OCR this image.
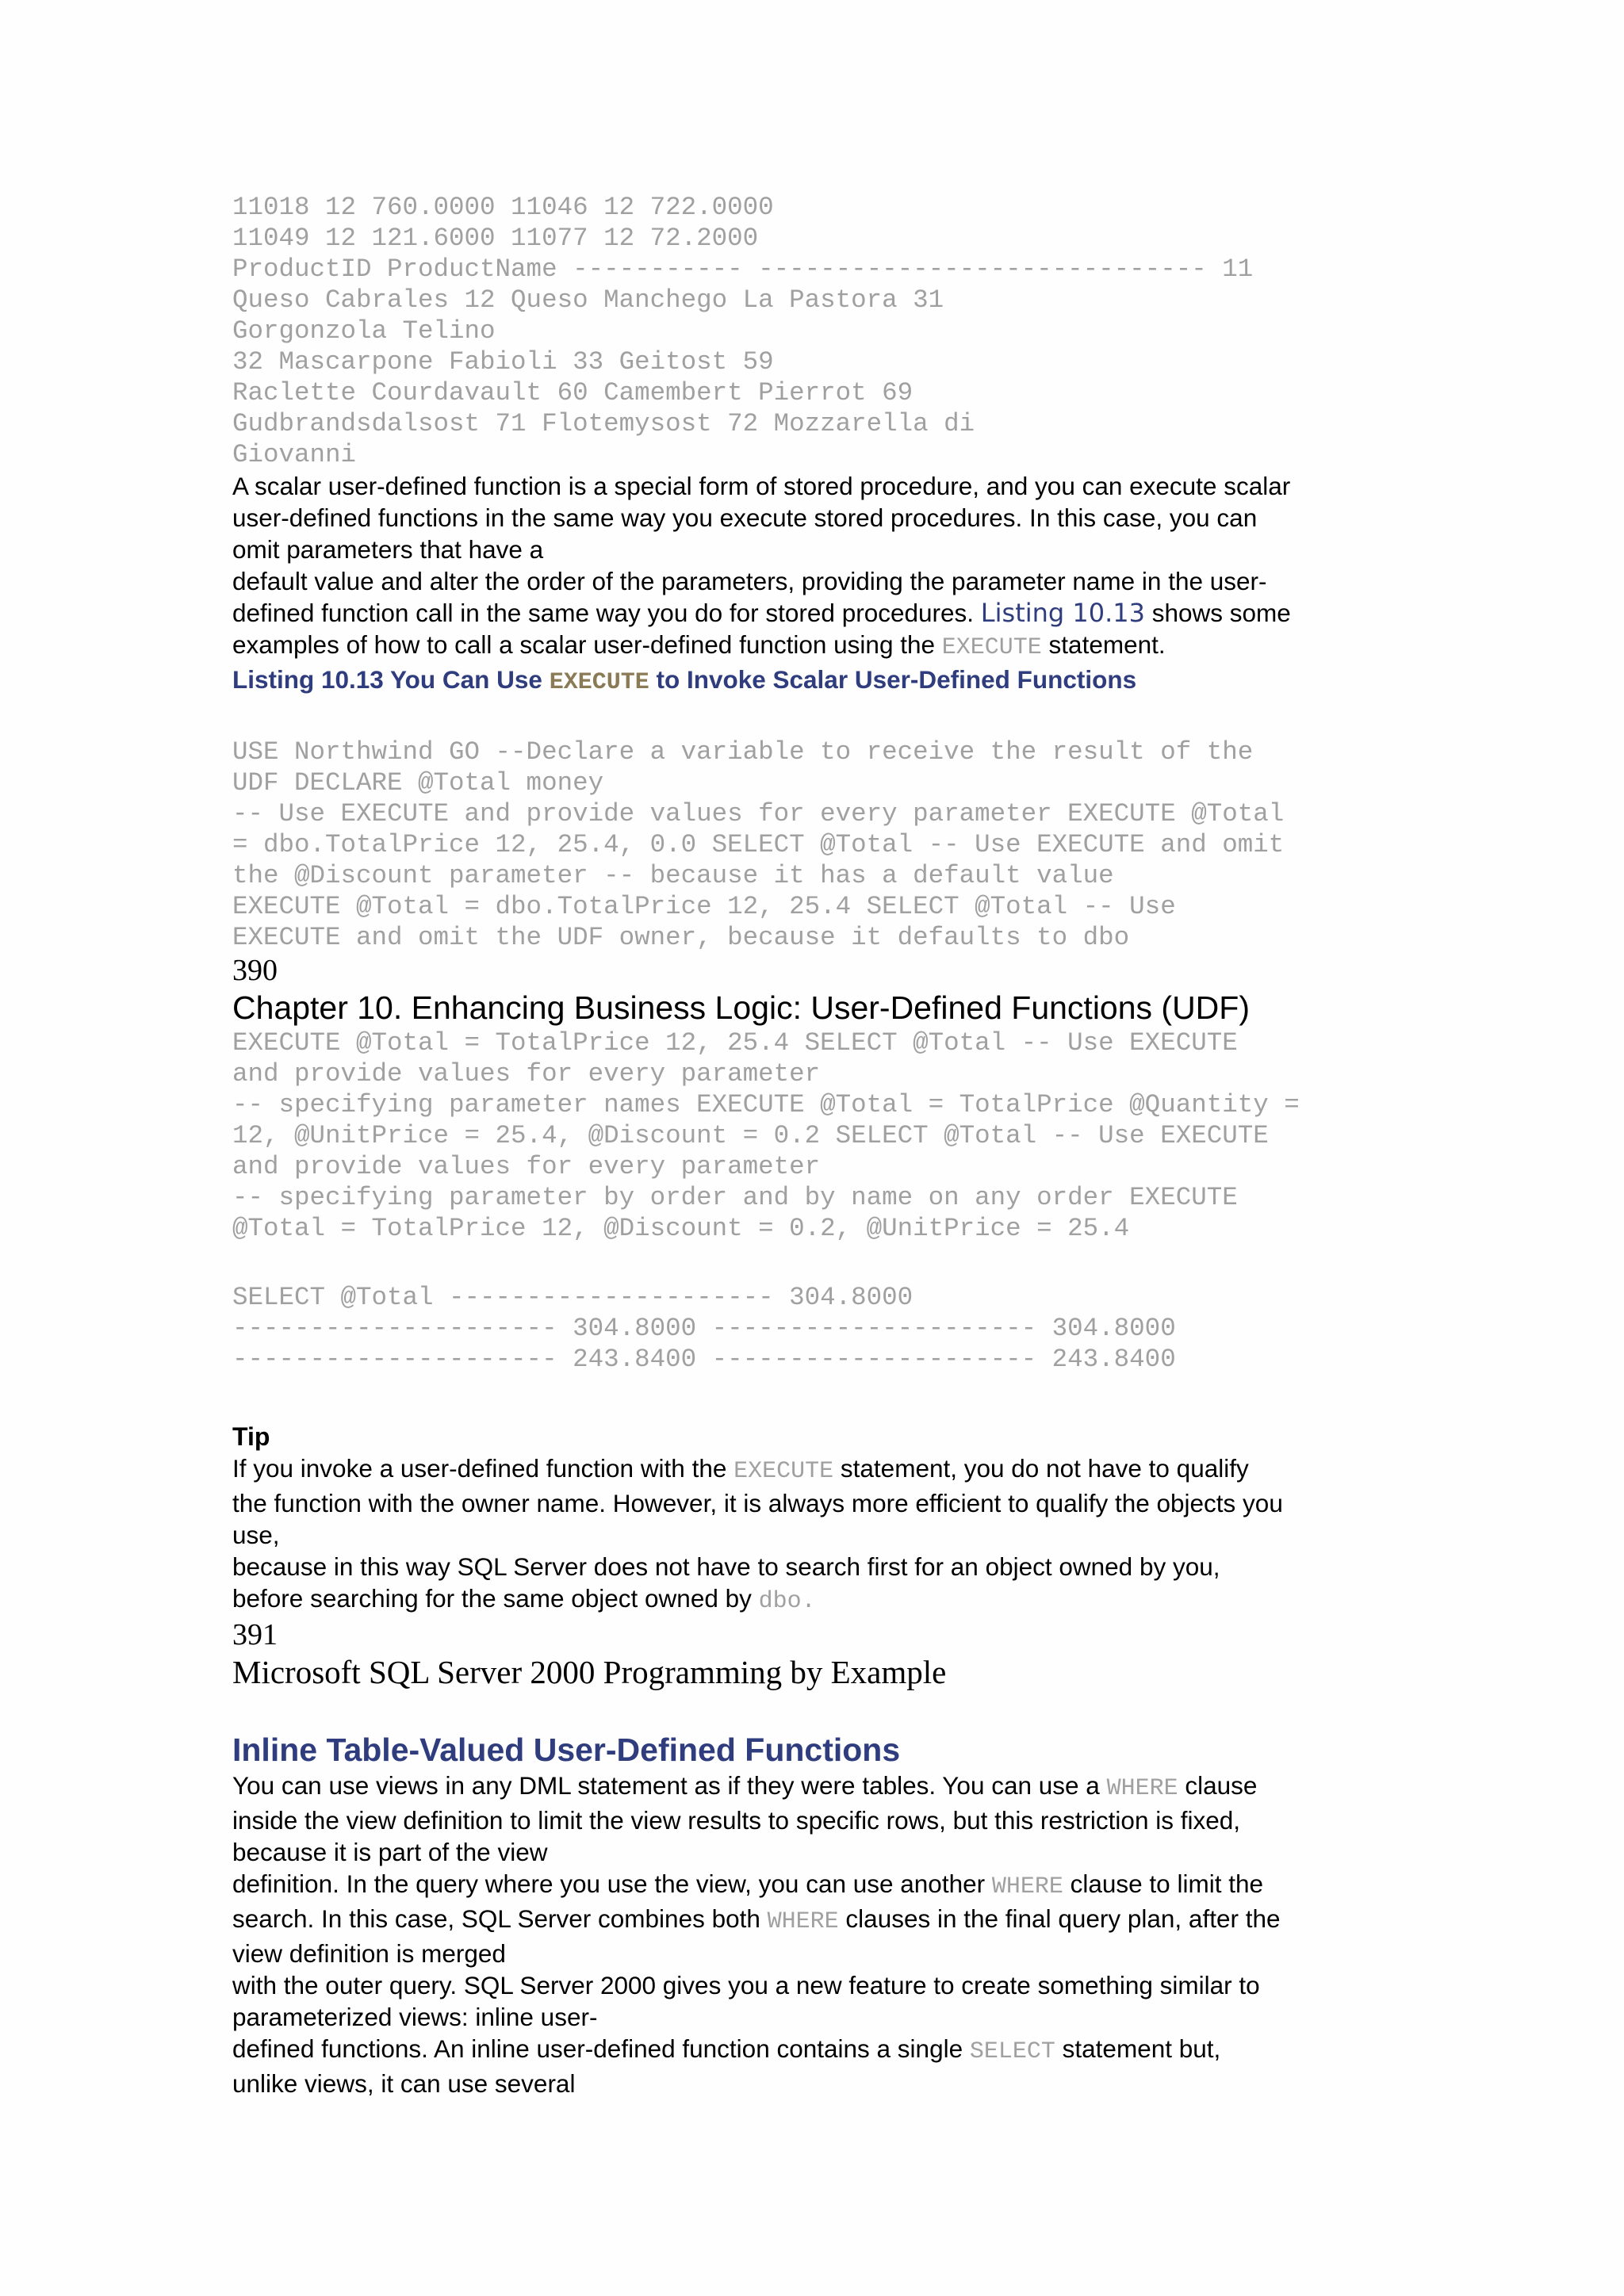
11018 12 760.0000 11046 12 722.0000
11049 12 121.6000 11077 12 72.2000
ProductID ProductName ----------- ----------------------------- 11
Queso Cabrales 12 Queso Manchego La Pastora 31
Gorgonzola Telino
32 Mascarpone Fabioli 33 Geitost 59
Raclette Courdavault 60 Camembert Pierrot 69
Gudbrandsdalsost 71 Flotemysost 72 Mozzarella di
Giovanni
A scalar user-defined function is a special form of stored procedure, and you can execute scalar
user-defined functions in the same way you execute stored procedures. In this case, you can
omit parameters that have a
default value and alter the order of the parameters, providing the parameter name in the user-
defined function call in the same way you do for stored procedures. Listing 10.13 shows some
examples of how to call a scalar user-defined function using the EXECUTE statement.

Listing 10.13 You Can Use EXECUTE to Invoke Scalar User-Defined Functions

USE Northwind GO --Declare a variable to receive the result of the
UDF DECLARE @Total money
-- Use EXECUTE and provide values for every parameter EXECUTE @Total
= dbo.TotalPrice 12, 25.4, 0.0 SELECT @Total -- Use EXECUTE and omit
the @Discount parameter -- because it has a default value
EXECUTE @Total = dbo.TotalPrice 12, 25.4 SELECT @Total -- Use
EXECUTE and omit the UDF owner, because it defaults to dbo

390

Chapter 10. Enhancing Business Logic: User-Defined Functions (UDF)

EXECUTE @Total = TotalPrice 12, 25.4 SELECT @Total -- Use EXECUTE
and provide values for every parameter
-- specifying parameter names EXECUTE @Total = TotalPrice @Quantity =
12, @UnitPrice = 25.4, @Discount = 0.2 SELECT @Total -- Use EXECUTE
and provide values for every parameter
-- specifying parameter by order and by name on any order EXECUTE
@Total = TotalPrice 12, @Discount = 0.2, @UnitPrice = 25.4
SELECT @Total --------------------- 304.8000
--------------------- 304.8000 --------------------- 304.8000
--------------------- 243.8400 --------------------- 243.8400

Tip

If you invoke a user-defined function with the EXECUTE statement, you do not have to qualify
the function with the owner name. However, it is always more efficient to qualify the objects you
use,
because in this way SQL Server does not have to search first for an object owned by you,
before searching for the same object owned by dbo.

391

Microsoft SQL Server 2000 Programming by Example

Inline Table-Valued User-Defined Functions

You can use views in any DML statement as if they were tables. You can use a WHERE clause
inside the view definition to limit the view results to specific rows, but this restriction is fixed,
because it is part of the view
definition. In the query where you use the view, you can use another WHERE clause to limit the
search. In this case, SQL Server combines both WHERE clauses in the final query plan, after the
view definition is merged
with the outer query. SQL Server 2000 gives you a new feature to create something similar to
parameterized views: inline user-
defined functions. An inline user-defined function contains a single SELECT statement but,
unlike views, it can use several
